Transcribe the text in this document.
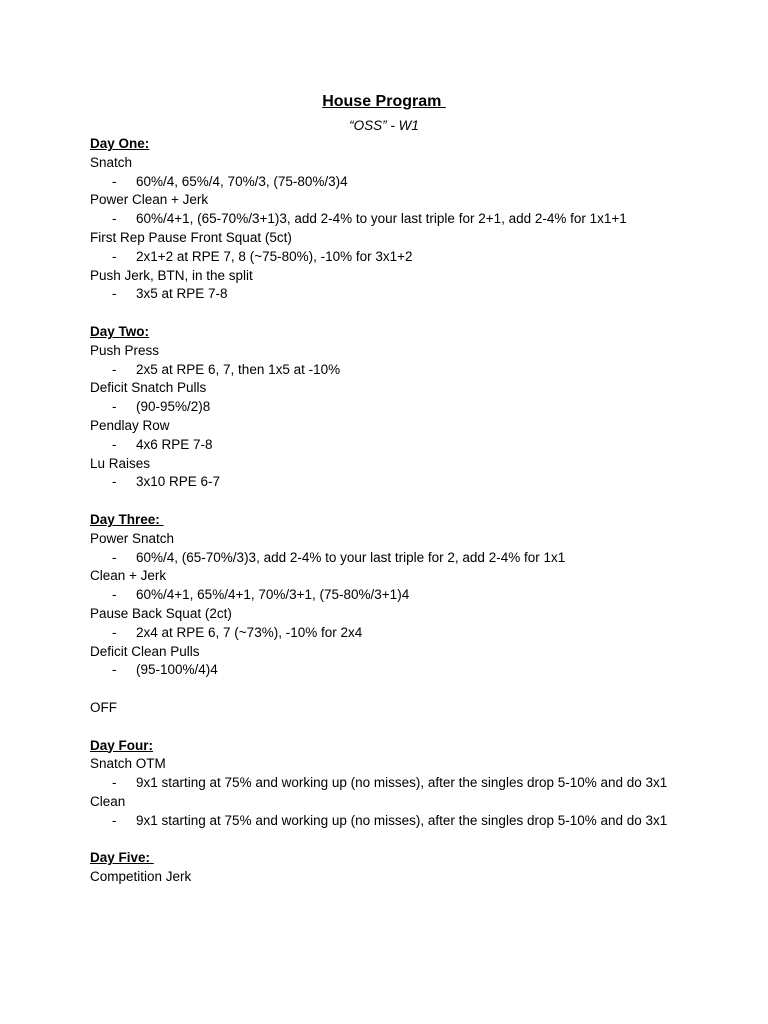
House Program
“OSS” - W1
Day One:
Snatch
- 60%/4, 65%/4, 70%/3, (75-80%/3)4
Power Clean + Jerk
- 60%/4+1, (65-70%/3+1)3, add 2-4% to your last triple for 2+1, add 2-4% for 1x1+1
First Rep Pause Front Squat (5ct)
- 2x1+2 at RPE 7, 8 (~75-80%), -10% for 3x1+2
Push Jerk, BTN, in the split
- 3x5 at RPE 7-8
Day Two:
Push Press
- 2x5 at RPE 6, 7, then 1x5 at -10%
Deficit Snatch Pulls
- (90-95%/2)8
Pendlay Row
- 4x6 RPE 7-8
Lu Raises
- 3x10 RPE 6-7
Day Three:
Power Snatch
- 60%/4, (65-70%/3)3, add 2-4% to your last triple for 2, add 2-4% for 1x1
Clean + Jerk
- 60%/4+1, 65%/4+1, 70%/3+1, (75-80%/3+1)4
Pause Back Squat (2ct)
- 2x4 at RPE 6, 7 (~73%), -10% for 2x4
Deficit Clean Pulls
- (95-100%/4)4
OFF
Day Four:
Snatch OTM
- 9x1 starting at 75% and working up (no misses), after the singles drop 5-10% and do 3x1
Clean
- 9x1 starting at 75% and working up (no misses), after the singles drop 5-10% and do 3x1
Day Five:
Competition Jerk
